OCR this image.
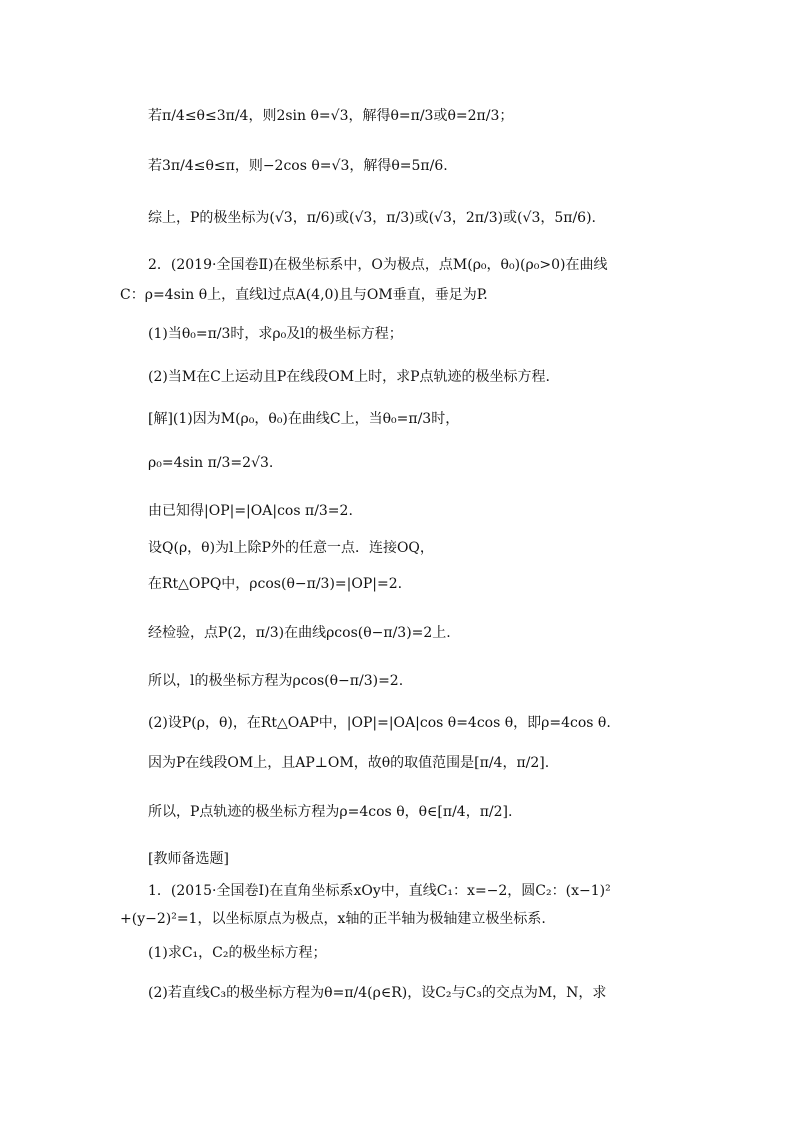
若π/4≤θ≤3π/4，则2sin θ=√3，解得θ=π/3或θ=2π/3；
若3π/4≤θ≤π，则−2cos θ=√3，解得θ=5π/6.
综上，P的极坐标为(√3，π/6)或(√3，π/3)或(√3，2π/3)或(√3，5π/6).
2．(2019·全国卷Ⅱ)在极坐标系中，O为极点，点M(ρ₀，θ₀)(ρ₀>0)在曲线
C：ρ=4sin θ上，直线l过点A(4,0)且与OM垂直，垂足为P.
(1)当θ₀=π/3时，求ρ₀及l的极坐标方程；
(2)当M在C上运动且P在线段OM上时，求P点轨迹的极坐标方程.
[解](1)因为M(ρ₀，θ₀)在曲线C上，当θ₀=π/3时，
ρ₀=4sin π/3=2√3.
由已知得|OP|=|OA|cos π/3=2.
设Q(ρ，θ)为l上除P外的任意一点．连接OQ，
在Rt△OPQ中，ρcos(θ−π/3)=|OP|=2.
经检验，点P(2，π/3)在曲线ρcos(θ−π/3)=2上.
所以，l的极坐标方程为ρcos(θ−π/3)=2.
(2)设P(ρ，θ)，在Rt△OAP中，|OP|=|OA|cos θ=4cos θ，即ρ=4cos θ.
因为P在线段OM上，且AP⊥OM，故θ的取值范围是[π/4，π/2].
所以，P点轨迹的极坐标方程为ρ=4cos θ，θ∈[π/4，π/2].
[教师备选题]
1．(2015·全国卷Ⅰ)在直角坐标系xOy中，直线C₁：x=−2，圆C₂：(x−1)²
+(y−2)²=1，以坐标原点为极点，x轴的正半轴为极轴建立极坐标系.
(1)求C₁，C₂的极坐标方程；
(2)若直线C₃的极坐标方程为θ=π/4(ρ∈R)，设C₂与C₃的交点为M，N，求
